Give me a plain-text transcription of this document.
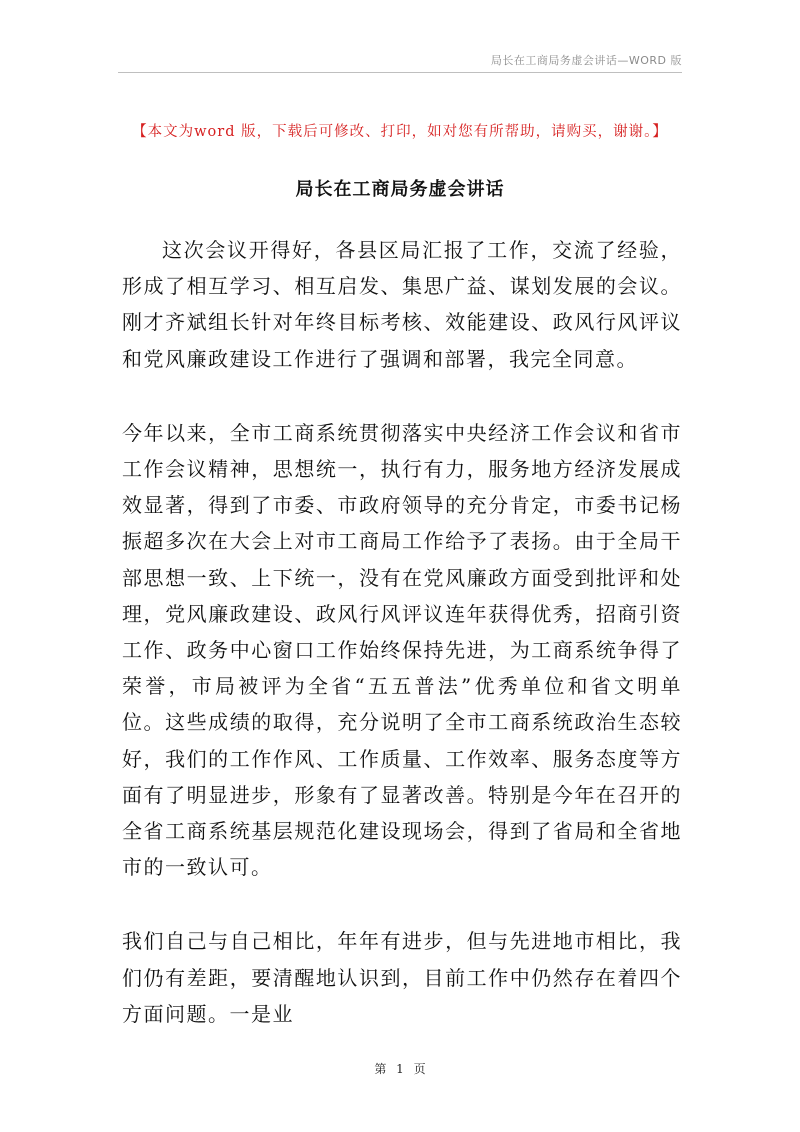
局长在工商局务虚会讲话—WORD 版
【本文为word 版，下载后可修改、打印，如对您有所帮助，请购买，谢谢。】
局长在工商局务虚会讲话

这次会议开得好，各县区局汇报了工作，交流了经验，形成了相互学习、相互启发、集思广益、谋划发展的会议。刚才齐斌组长针对年终目标考核、效能建设、政风行风评议和党风廉政建设工作进行了强调和部署，我完全同意。

今年以来，全市工商系统贯彻落实中央经济工作会议和省市工作会议精神，思想统一，执行有力，服务地方经济发展成效显著，得到了市委、市政府领导的充分肯定，市委书记杨振超多次在大会上对市工商局工作给予了表扬。由于全局干部思想一致、上下统一，没有在党风廉政方面受到批评和处理，党风廉政建设、政风行风评议连年获得优秀，招商引资工作、政务中心窗口工作始终保持先进，为工商系统争得了荣誉，市局被评为全省“五五普法”优秀单位和省文明单位。这些成绩的取得，充分说明了全市工商系统政治生态较好，我们的工作作风、工作质量、工作效率、服务态度等方面有了明显进步，形象有了显著改善。特别是今年在召开的全省工商系统基层规范化建设现场会，得到了省局和全省地市的一致认可。

我们自己与自己相比，年年有进步，但与先进地市相比，我们仍有差距，要清醒地认识到，目前工作中仍然存在着四个方面问题。一是业

第 1 页
